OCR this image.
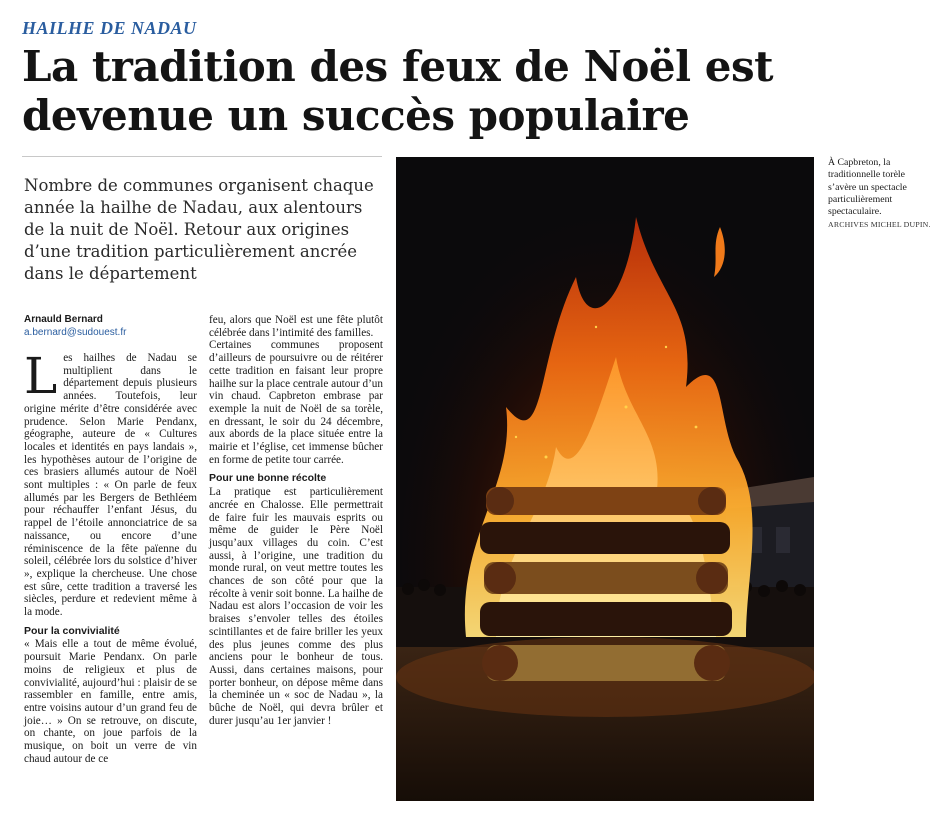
HAILHE DE NADAU
La tradition des feux de Noël est devenue un succès populaire

Nombre de communes organisent chaque année la hailhe de Nadau, aux alentours de la nuit de Noël. Retour aux origines d’une tradition particulièrement ancrée dans le département

Arnauld Bernard
a.bernard@sudouest.fr

Les hailhes de Nadau se multiplient dans le département depuis plusieurs années. Toutefois, leur origine mérite d’être considérée avec prudence. Selon Marie Pendanx, géographe, auteure de « Cultures locales et identités en pays landais », les hypothèses autour de l’origine de ces brasiers allumés autour de Noël sont multiples : « On parle de feux allumés par les Bergers de Bethléem pour réchauffer l’enfant Jésus, du rappel de l’étoile annonciatrice de sa naissance, ou encore d’une réminiscence de la fête païenne du soleil, célébrée lors du solstice d’hiver », explique la chercheuse. Une chose est sûre, cette tradition a traversé les siècles, perdure et redevient même à la mode.

Pour la convivialité

« Mais elle a tout de même évolué, poursuit Marie Pendanx. On parle moins de religieux et plus de convivialité, aujourd’hui : plaisir de se rassembler en famille, entre amis, entre voisins autour d’un grand feu de joie… » On se retrouve, on discute, on chante, on joue parfois de la musique, on boit un verre de vin chaud autour de ce

feu, alors que Noël est une fête plutôt célébrée dans l’intimité des familles.

Certaines communes proposent d’ailleurs de poursuivre ou de réitérer cette tradition en faisant leur propre hailhe sur la place centrale autour d’un vin chaud. Capbreton embrase par exemple la nuit de Noël de sa torèle, en dressant, le soir du 24 décembre, aux abords de la place située entre la mairie et l’église, cet immense bûcher en forme de petite tour carrée.

Pour une bonne récolte

La pratique est particulièrement ancrée en Chalosse. Elle permettrait de faire fuir les mauvais esprits ou même de guider le Père Noël jusqu’aux villages du coin. C’est aussi, à l’origine, une tradition du monde rural, on veut mettre toutes les chances de son côté pour que la récolte à venir soit bonne. La hailhe de Nadau est alors l’occasion de voir les braises s’envoler telles des étoiles scintillantes et de faire briller les yeux des plus jeunes comme des plus anciens pour le bonheur de tous. Aussi, dans certaines maisons, pour porter bonheur, on dépose même dans la cheminée un « soc de Nadau », la bûche de Noël, qui devra brûler et durer jusqu’au 1er janvier !

À Capbreton, la traditionnelle torèle s’avère un spectacle particulièrement spectaculaire.
ARCHIVES MICHEL DUPIN.
